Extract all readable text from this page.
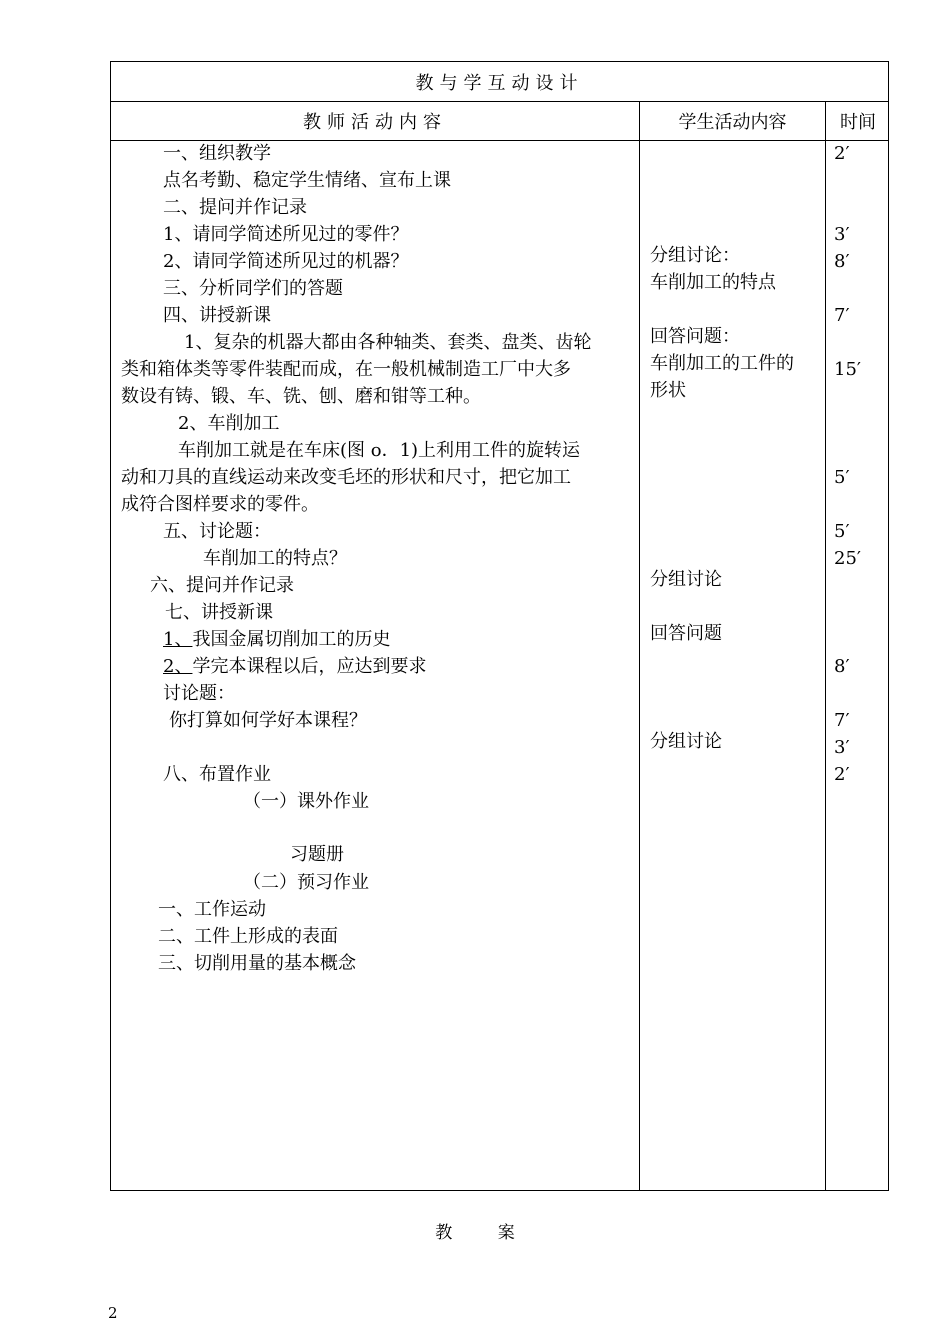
教与学互动设计
教师活动内容	学生活动内容	时间
一、组织教学
点名考勤、稳定学生情绪、宣布上课
二、提问并作记录
1、请同学简述所见过的零件？
2、请同学简述所见过的机器？
三、分析同学们的答题
四、讲授新课
1、复杂的机器大都由各种轴类、套类、盘类、齿轮
类和箱体类等零件装配而成，在一般机械制造工厂中大多
数设有铸、锻、车、铣、刨、磨和钳等工种。
2、车削加工
车削加工就是在车床(图 o．1)上利用工件的旋转运
动和刀具的直线运动来改变毛坯的形状和尺寸，把它加工
成符合图样要求的零件。
五、讨论题：
车削加工的特点？
六、提问并作记录
七、讲授新课
1、我国金属切削加工的历史
2、学完本课程以后，应达到要求
讨论题：
你打算如何学好本课程？
八、布置作业
（一）课外作业
习题册
（二）预习作业
一、工作运动
二、工件上形成的表面
三、切削用量的基本概念
分组讨论：
车削加工的特点
回答问题：
车削加工的工件的
形状
分组讨论
回答问题
分组讨论
2′
3′
8′
7′
15′
5′
5′
25′
8′
7′
3′
2′
教 案
2
